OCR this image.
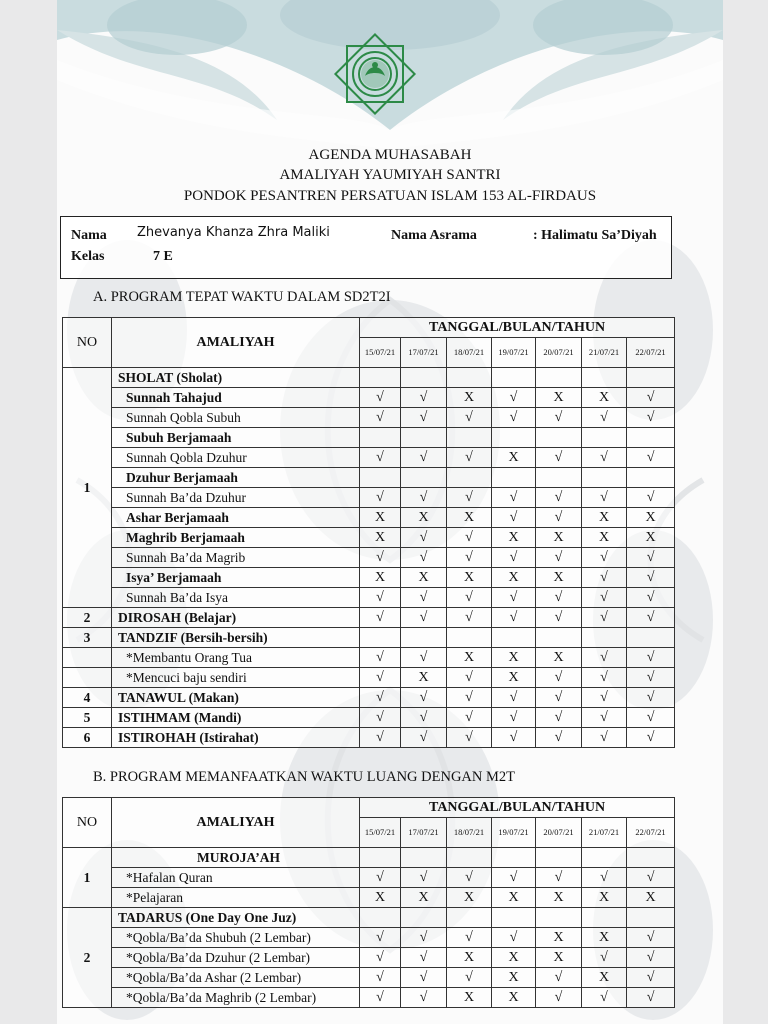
AGENDA MUHASABAH
AMALIYAH YAUMIYAH SANTRI
PONDOK PESANTREN PERSATUAN ISLAM 153 AL-FIRDAUS
Nama Zhevanya Khanza Zhra Maliki	Nama Asrama	: Halimatu Sa’Diyah
Kelas	7 E
A. PROGRAM TEPAT WAKTU DALAM SD2T2I
NO	AMALIYAH	TANGGAL/BULAN/TAHUN						
		15/07/21	17/07/21	18/07/21	19/07/21	20/07/21	21/07/21	22/07/21
1	SHOLAT (Sholat)							
	Sunnah Tahajud	√	√	X	√	X	X	√
	Sunnah Qobla Subuh	√	√	√	√	√	√	√
	Subuh Berjamaah							
	Sunnah Qobla Dzuhur	√	√	√	X	√	√	√
	Dzuhur Berjamaah							
	Sunnah Ba’da Dzuhur	√	√	√	√	√	√	√
	Ashar Berjamaah	X	X	X	√	√	X	X
	Maghrib Berjamaah	X	√	√	X	X	X	X
	Sunnah Ba’da Magrib	√	√	√	√	√	√	√
	Isya’ Berjamaah	X	X	X	X	X	√	√
	Sunnah Ba’da Isya	√	√	√	√	√	√	√
2	DIROSAH (Belajar)	√	√	√	√	√	√	√
3	TANDZIF (Bersih-bersih)							
	*Membantu Orang Tua	√	√	X	X	X	√	√
	*Mencuci baju sendiri	√	X	√	X	√	√	√
4	TANAWUL (Makan)	√	√	√	√	√	√	√
5	ISTIHMAM (Mandi)	√	√	√	√	√	√	√
6	ISTIROHAH (Istirahat)	√	√	√	√	√	√	√
B. PROGRAM MEMANFAATKAN WAKTU LUANG DENGAN M2T
NO	AMALIYAH	TANGGAL/BULAN/TAHUN						
		15/07/21	17/07/21	18/07/21	19/07/21	20/07/21	21/07/21	22/07/21
1	MUROJA’AH							
	*Hafalan Quran	√	√	√	√	√	√	√
	*Pelajaran	X	X	X	X	X	X	X
2	TADARUS (One Day One Juz)							
	*Qobla/Ba’da Shubuh (2 Lembar)	√	√	√	√	X	X	√
	*Qobla/Ba’da Dzuhur (2 Lembar)	√	√	X	X	X	√	√
	*Qobla/Ba’da Ashar (2 Lembar)	√	√	√	X	√	X	√
	*Qobla/Ba’da Maghrib (2 Lembar)	√	√	X	X	√	√	√
